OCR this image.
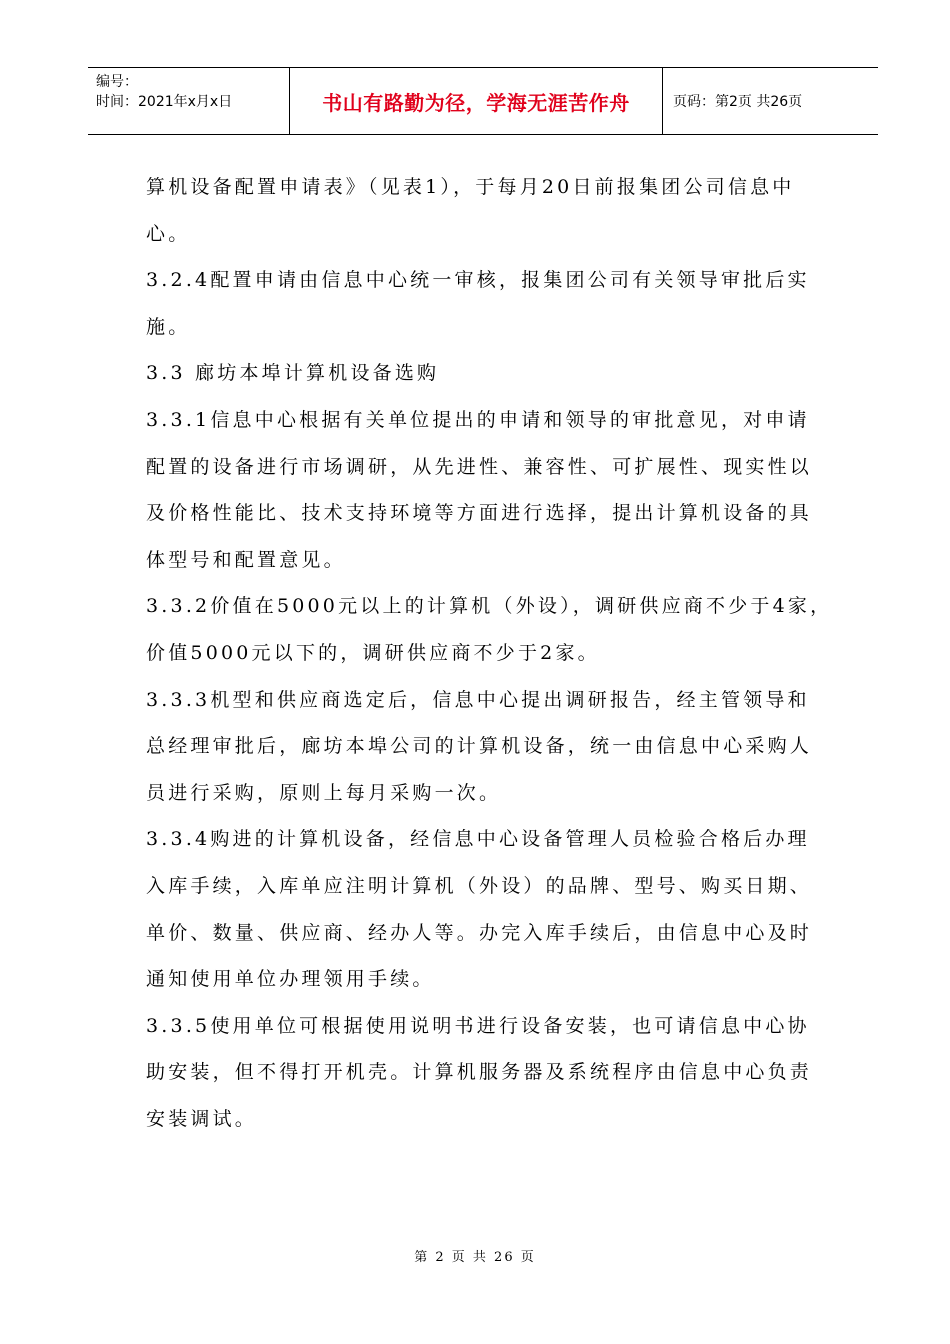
编号：
时间：2021年x月x日	书山有路勤为径，学海无涯苦作舟	页码：第2页 共26页

算机设备配置申请表》（见表1），于每月20日前报集团公司信息中

心。

3.2.4配置申请由信息中心统一审核，报集团公司有关领导审批后实

施。

3.3 廊坊本埠计算机设备选购

3.3.1信息中心根据有关单位提出的申请和领导的审批意见，对申请

配置的设备进行市场调研，从先进性、兼容性、可扩展性、现实性以

及价格性能比、技术支持环境等方面进行选择，提出计算机设备的具

体型号和配置意见。

3.3.2价值在5000元以上的计算机（外设），调研供应商不少于4家，

价值5000元以下的，调研供应商不少于2家。

3.3.3机型和供应商选定后，信息中心提出调研报告，经主管领导和

总经理审批后，廊坊本埠公司的计算机设备，统一由信息中心采购人

员进行采购，原则上每月采购一次。

3.3.4购进的计算机设备，经信息中心设备管理人员检验合格后办理

入库手续，入库单应注明计算机（外设）的品牌、型号、购买日期、

单价、数量、供应商、经办人等。办完入库手续后，由信息中心及时

通知使用单位办理领用手续。

3.3.5使用单位可根据使用说明书进行设备安装，也可请信息中心协

助安装，但不得打开机壳。计算机服务器及系统程序由信息中心负责

安装调试。

第 2 页 共 26 页
